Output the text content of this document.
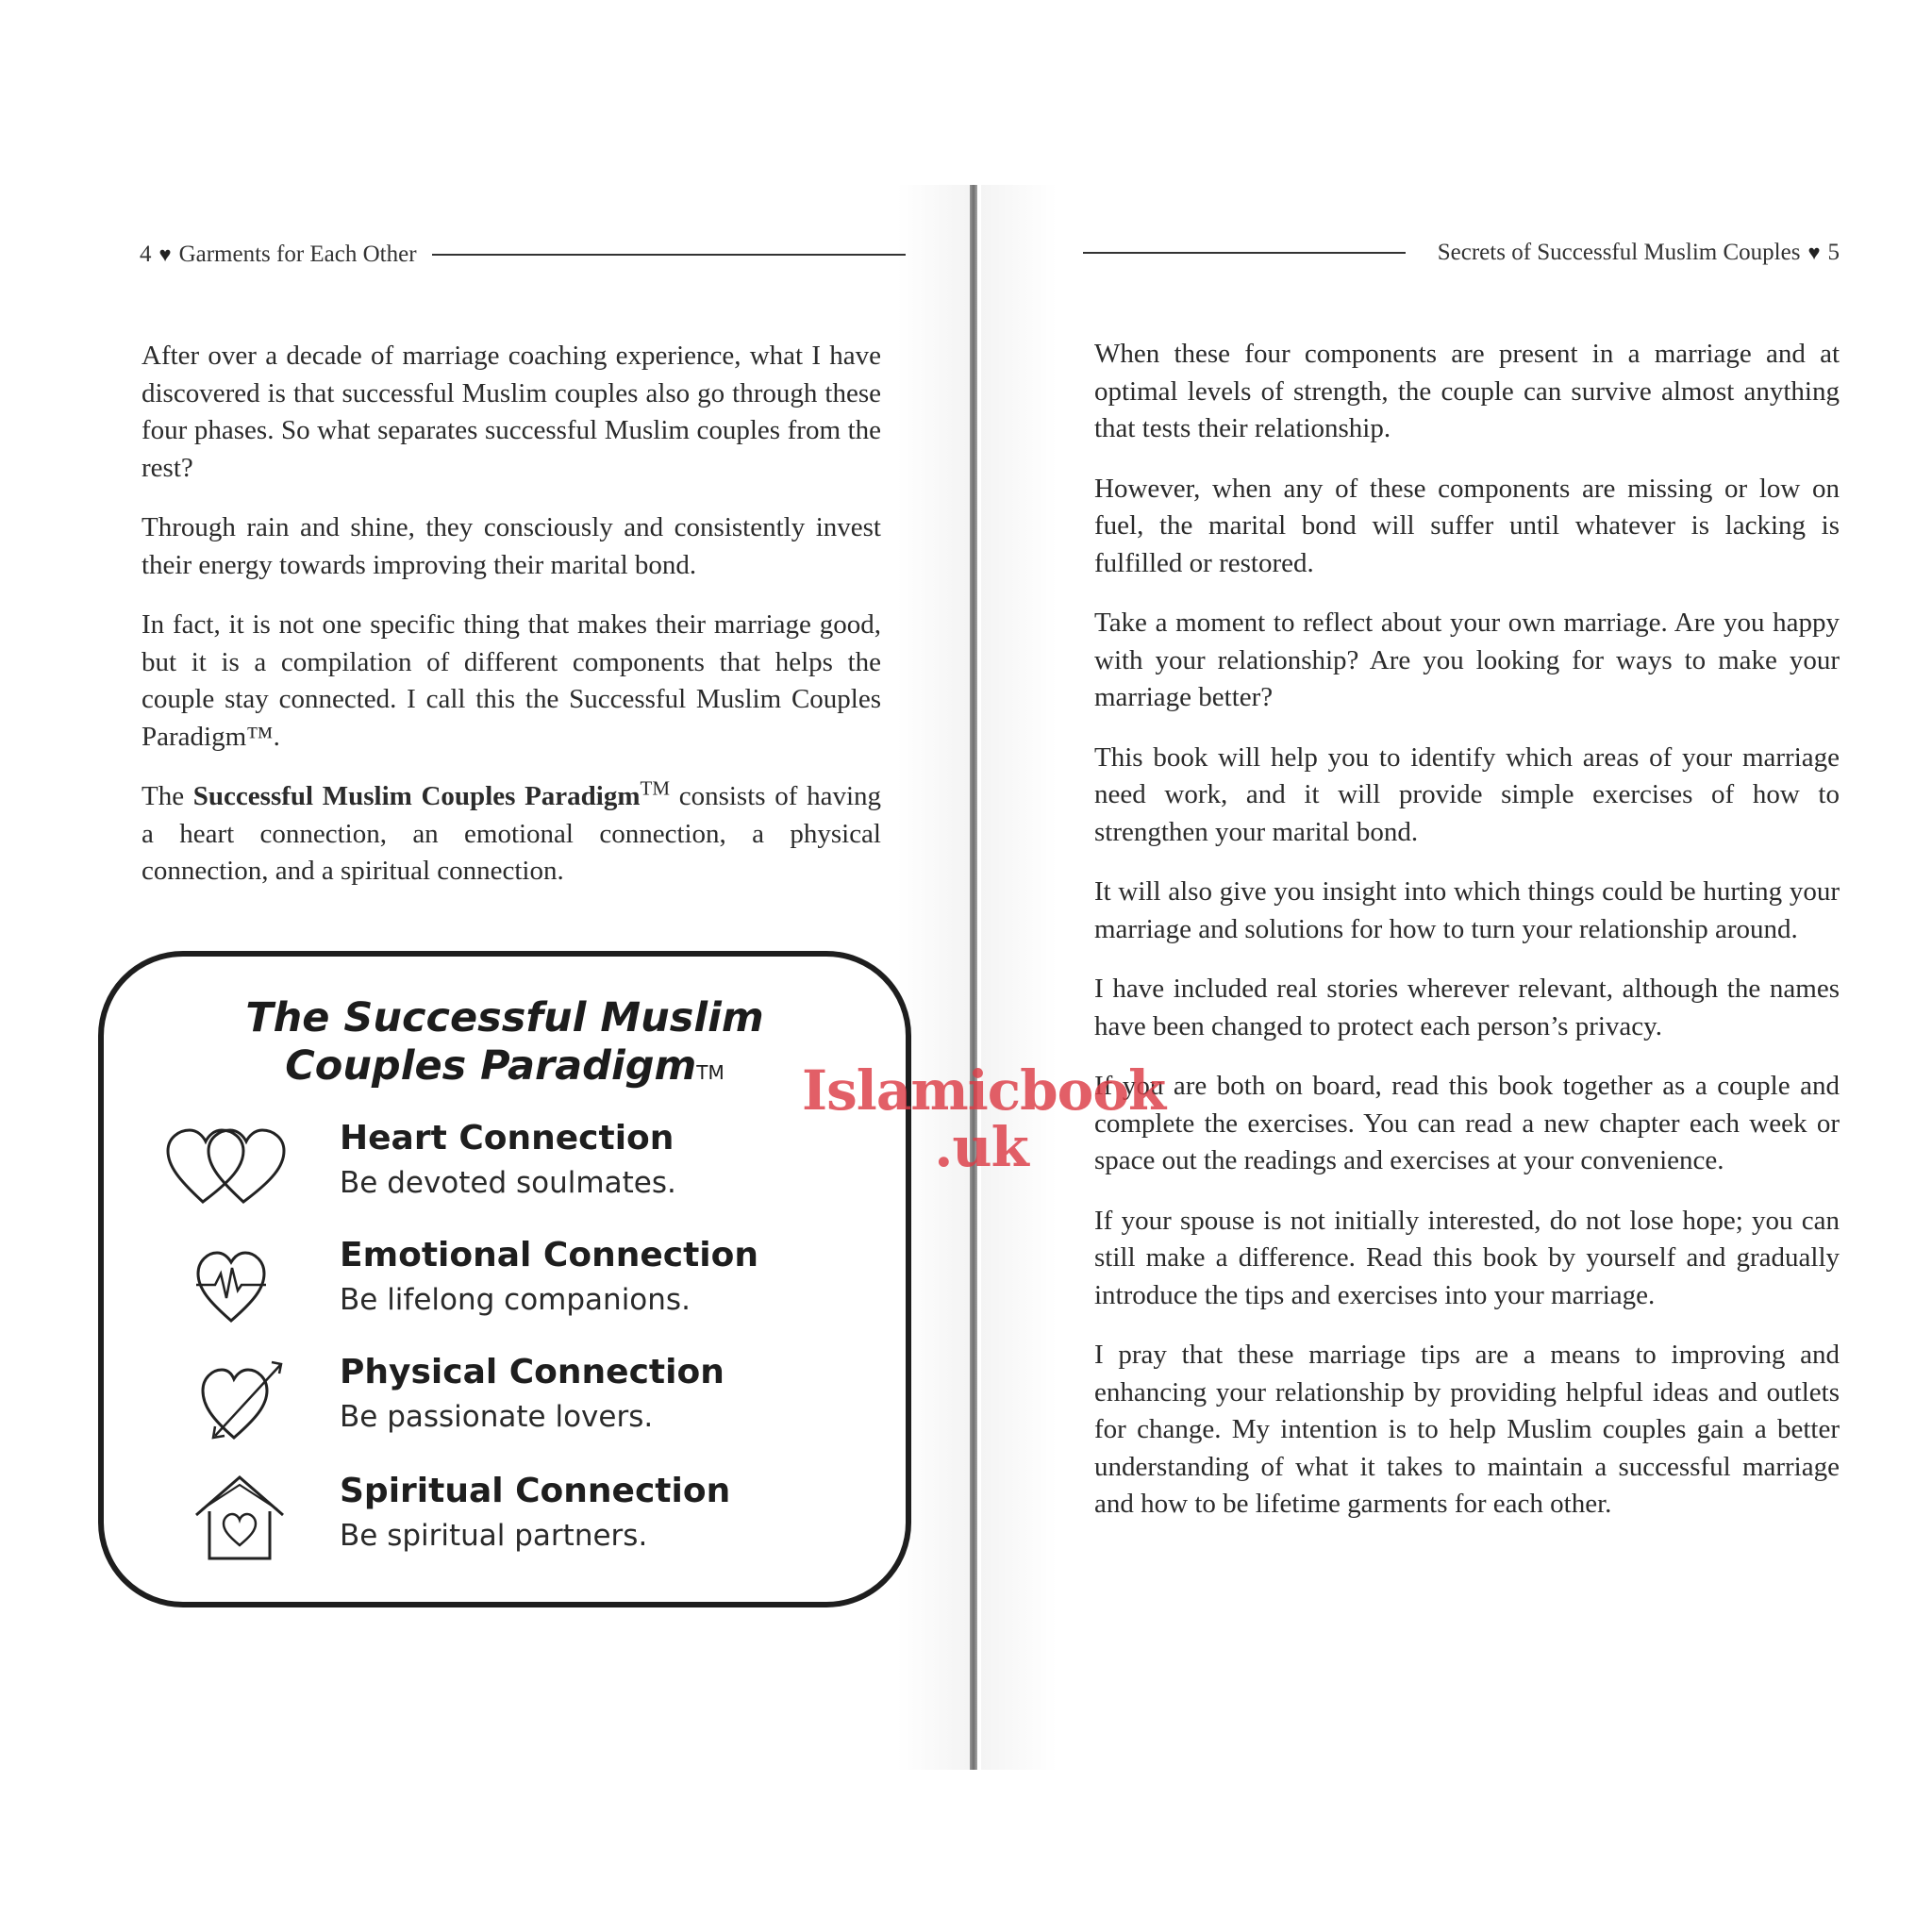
4 ♥ Garments for Each Other

After over a decade of marriage coaching experience, what I have discovered is that successful Muslim couples also go through these four phases. So what separates successful Muslim couples from the rest?

Through rain and shine, they consciously and consistently invest their energy towards improving their marital bond.

In fact, it is not one specific thing that makes their marriage good, but it is a compilation of different components that helps the couple stay connected. I call this the Successful Muslim Couples Paradigm™.

The Successful Muslim Couples Paradigm™ consists of having a heart connection, an emotional connection, a physical connection, and a spiritual connection.

The Successful Muslim
Couples ParadigmTM
Heart Connection
Be devoted soulmates.
Emotional Connection
Be lifelong companions.
Physical Connection
Be passionate lovers.
Spiritual Connection
Be spiritual partners.
Secrets of Successful Muslim Couples ♥ 5

When these four components are present in a marriage and at optimal levels of strength, the couple can survive almost anything that tests their relationship.

However, when any of these components are missing or low on fuel, the marital bond will suffer until whatever is lacking is fulfilled or restored.

Take a moment to reflect about your own marriage. Are you happy with your relationship? Are you looking for ways to make your marriage better?

This book will help you to identify which areas of your marriage need work, and it will provide simple exercises of how to strengthen your marital bond.

It will also give you insight into which things could be hurting your marriage and solutions for how to turn your relationship around.

I have included real stories wherever relevant, although the names have been changed to protect each person’s privacy.

If you are both on board, read this book together as a couple and complete the exercises. You can read a new chapter each week or space out the readings and exercises at your convenience.

If your spouse is not initially interested, do not lose hope; you can still make a difference. Read this book by yourself and gradually introduce the tips and exercises into your marriage.

I pray that these marriage tips are a means to improving and enhancing your relationship by providing helpful ideas and outlets for change. My intention is to help Muslim couples gain a better understanding of what it takes to maintain a successful marriage and how to be lifetime garments for each other.

Islamicbook
.uk
